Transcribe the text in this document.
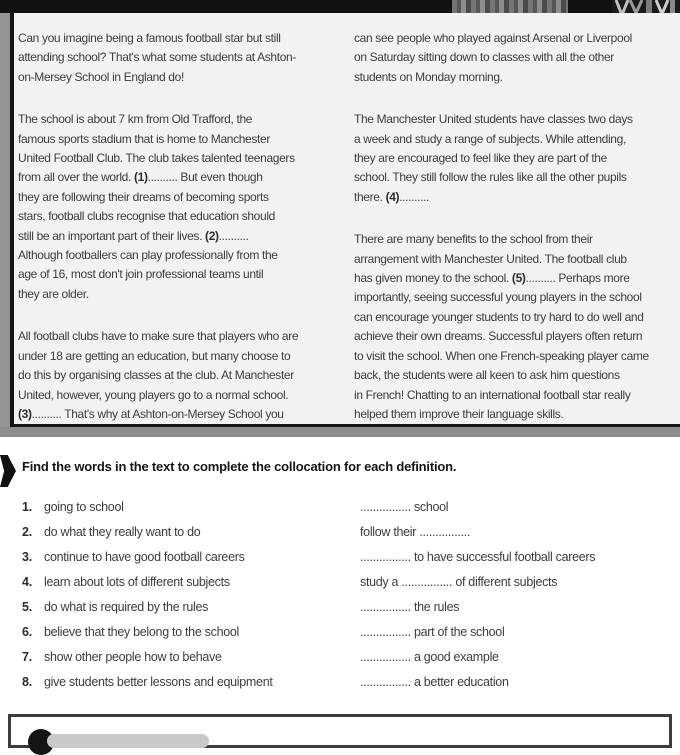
Can you imagine being a famous football star but still
attending school? That's what some students at Ashton-
on-Mersey School in England do!

The school is about 7 km from Old Trafford, the
famous sports stadium that is home to Manchester
United Football Club. The club takes talented teenagers
from all over the world. (1).......... But even though
they are following their dreams of becoming sports
stars, football clubs recognise that education should
still be an important part of their lives. (2)..........
Although footballers can play professionally from the
age of 16, most don't join professional teams until
they are older.

All football clubs have to make sure that players who are
under 18 are getting an education, but many choose to
do this by organising classes at the club. At Manchester
United, however, young players go to a normal school.
(3).......... That's why at Ashton-on-Mersey School you

can see people who played against Arsenal or Liverpool
on Saturday sitting down to classes with all the other
students on Monday morning.

The Manchester United students have classes two days
a week and study a range of subjects. While attending,
they are encouraged to feel like they are part of the
school. They still follow the rules like all the other pupils
there. (4)..........

There are many benefits to the school from their
arrangement with Manchester United. The football club
has given money to the school. (5).......... Perhaps more
importantly, seeing successful young players in the school
can encourage younger students to try hard to do well and
achieve their own dreams. Successful players often return
to visit the school. When one French-speaking player came
back, the students were all keen to ask him questions
in French! Chatting to an international football star really
helped them improve their language skills.

Find the words in the text to complete the collocation for each definition.
1. going to school	................ school
2. do what they really want to do	follow their ................
3. continue to have good football careers	................ to have successful football careers
4. learn about lots of different subjects	study a ................ of different subjects
5. do what is required by the rules	................ the rules
6. believe that they belong to the school	................ part of the school
7. show other people how to behave	................ a good example
8. give students better lessons and equipment	................ a better education
